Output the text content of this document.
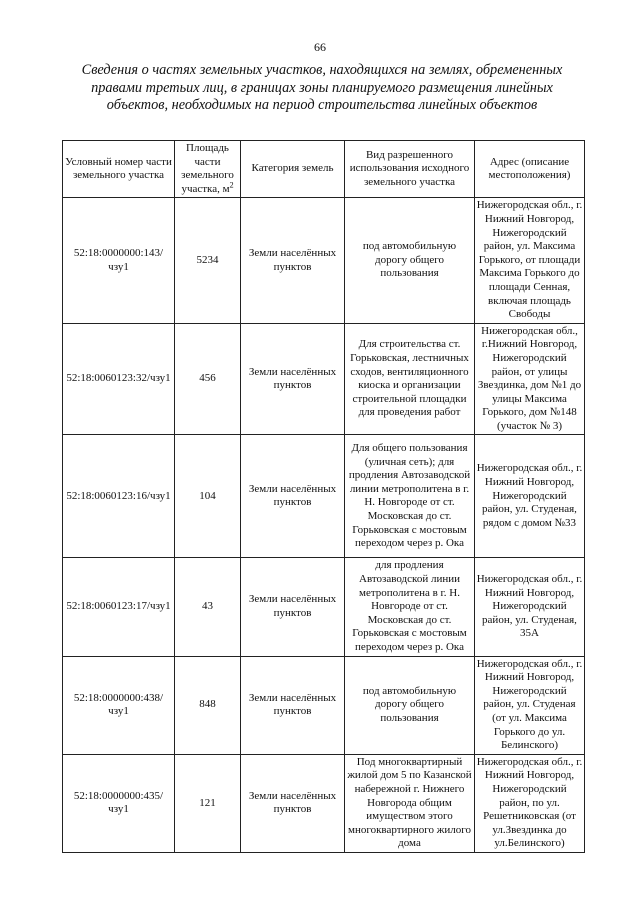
66
Сведения о частях земельных участков, находящихся на землях, обремененных правами третьих лиц, в границах зоны планируемого размещения линейных объектов, необходимых на период строительства линейных объектов
Условный номер части земельного участка	Площадь части земельного участка, $м^2$	Категория земель	Вид разрешенного использования исходного земельного участка	Адрес (описание местоположения)
52:18:0000000:143/чзу1	5234	Земли населённых пунктов	под автомобильную дорогу общего пользования	Нижегородская обл., г. Нижний Новгород, Нижегородский район, ул. Максима Горького, от площади Максима Горького до площади Сенная, включая площадь Свободы
52:18:0060123:32/чзу1	456	Земли населённых пунктов	Для строительства ст. Горьковская, лестничных сходов, вентиляционного киоска и организации строительной площадки для проведения работ	Нижегородская обл., г.Нижний Новгород, Нижегородский район, от улицы Звездинка, дом №1 до улицы Максима Горького, дом №148 (участок № 3)
52:18:0060123:16/чзу1	104	Земли населённых пунктов	Для общего пользования (уличная сеть); для продления Автозаводской линии метрополитена в г. Н. Новгороде от ст. Московская до ст. Горьковская с мостовым переходом через р. Ока	Нижегородская обл., г. Нижний Новгород, Нижегородский район, ул. Студеная, рядом с домом №33
52:18:0060123:17/чзу1	43	Земли населённых пунктов	для продления Автозаводской линии метрополитена в г. Н. Новгороде от ст. Московская до ст. Горьковская с мостовым переходом через р. Ока	Нижегородская обл., г. Нижний Новгород, Нижегородский район, ул. Студеная, 35А
52:18:0000000:438/чзу1	848	Земли населённых пунктов	под автомобильную дорогу общего пользования	Нижегородская обл., г. Нижний Новгород, Нижегородский район, ул. Студеная (от ул. Максима Горького до ул. Белинского)
52:18:0000000:435/чзу1	121	Земли населённых пунктов	Под многоквартирный жилой дом 5 по Казанской набережной г. Нижнего Новгорода общим имуществом этого многоквартирного жилого дома	Нижегородская обл., г. Нижний Новгород, Нижегородский район, по ул. Решетниковская (от ул.Звездинка до ул.Белинского)
